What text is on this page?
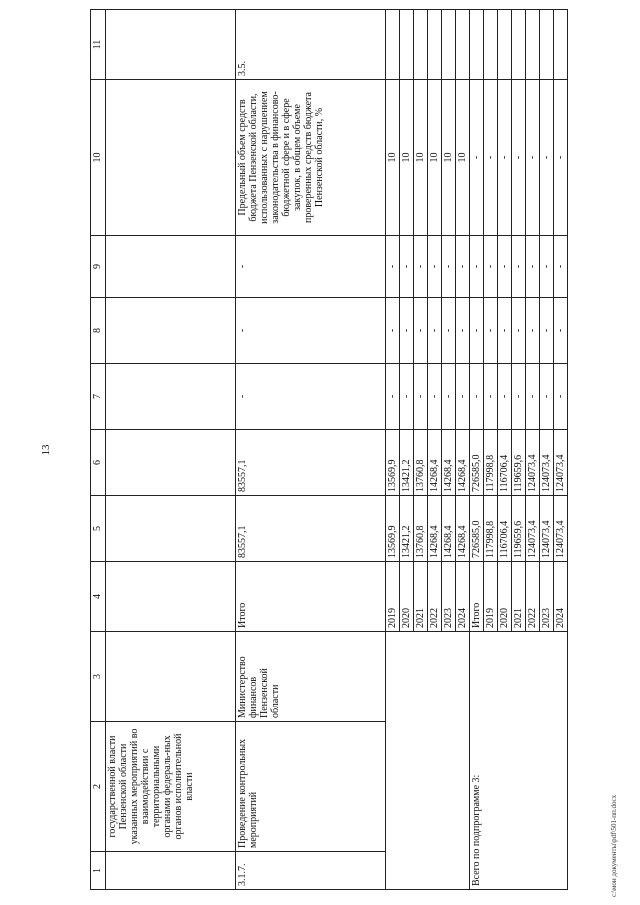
13
1	2	3	4	5	6	7	8	9	10	11
	государственной власти Пензенской области указанных мероприятий во взаимодействии с территориальными органами федераль-ных органов исполнительной власти									
3.1.7.	Проведение контрольных мероприятий	Министерство финансов Пензенской области	Итого	83557,1	83557,1	-	-	-	Предельный объем средств бюджета Пензенской области, использованных с нарушением законодательства в финансово-бюджетной сфере и в сфере закупок, в общем объеме проверенных средств бюджета Пензенской области, %	3.5.
			2019	13569,9	13569,9	-	-	-	10	
			2020	13421,2	13421,2	-	-	-	10	
			2021	13760,8	13760,8	-	-	-	10	
			2022	14268,4	14268,4	-	-	-	10	
			2023	14268,4	14268,4	-	-	-	10	
			2024	14268,4	14268,4	-	-	-	10	
Всего по подпрограмме 3:			Итого	726585,0	726585,0	-	-	-	-	
			2019	117998,8	117998,8	-	-	-	-	
			2020	116706,4	116706,4	-	-	-	-	
			2021	119659,6	119659,6	-	-	-	-	
			2022	124073,4	124073,4	-	-	-	-	
			2023	124073,4	124073,4	-	-	-	-	
			2024	124073,4	124073,4	-	-	-	-	
c:\мои документы\pdf\501-пп.docx
